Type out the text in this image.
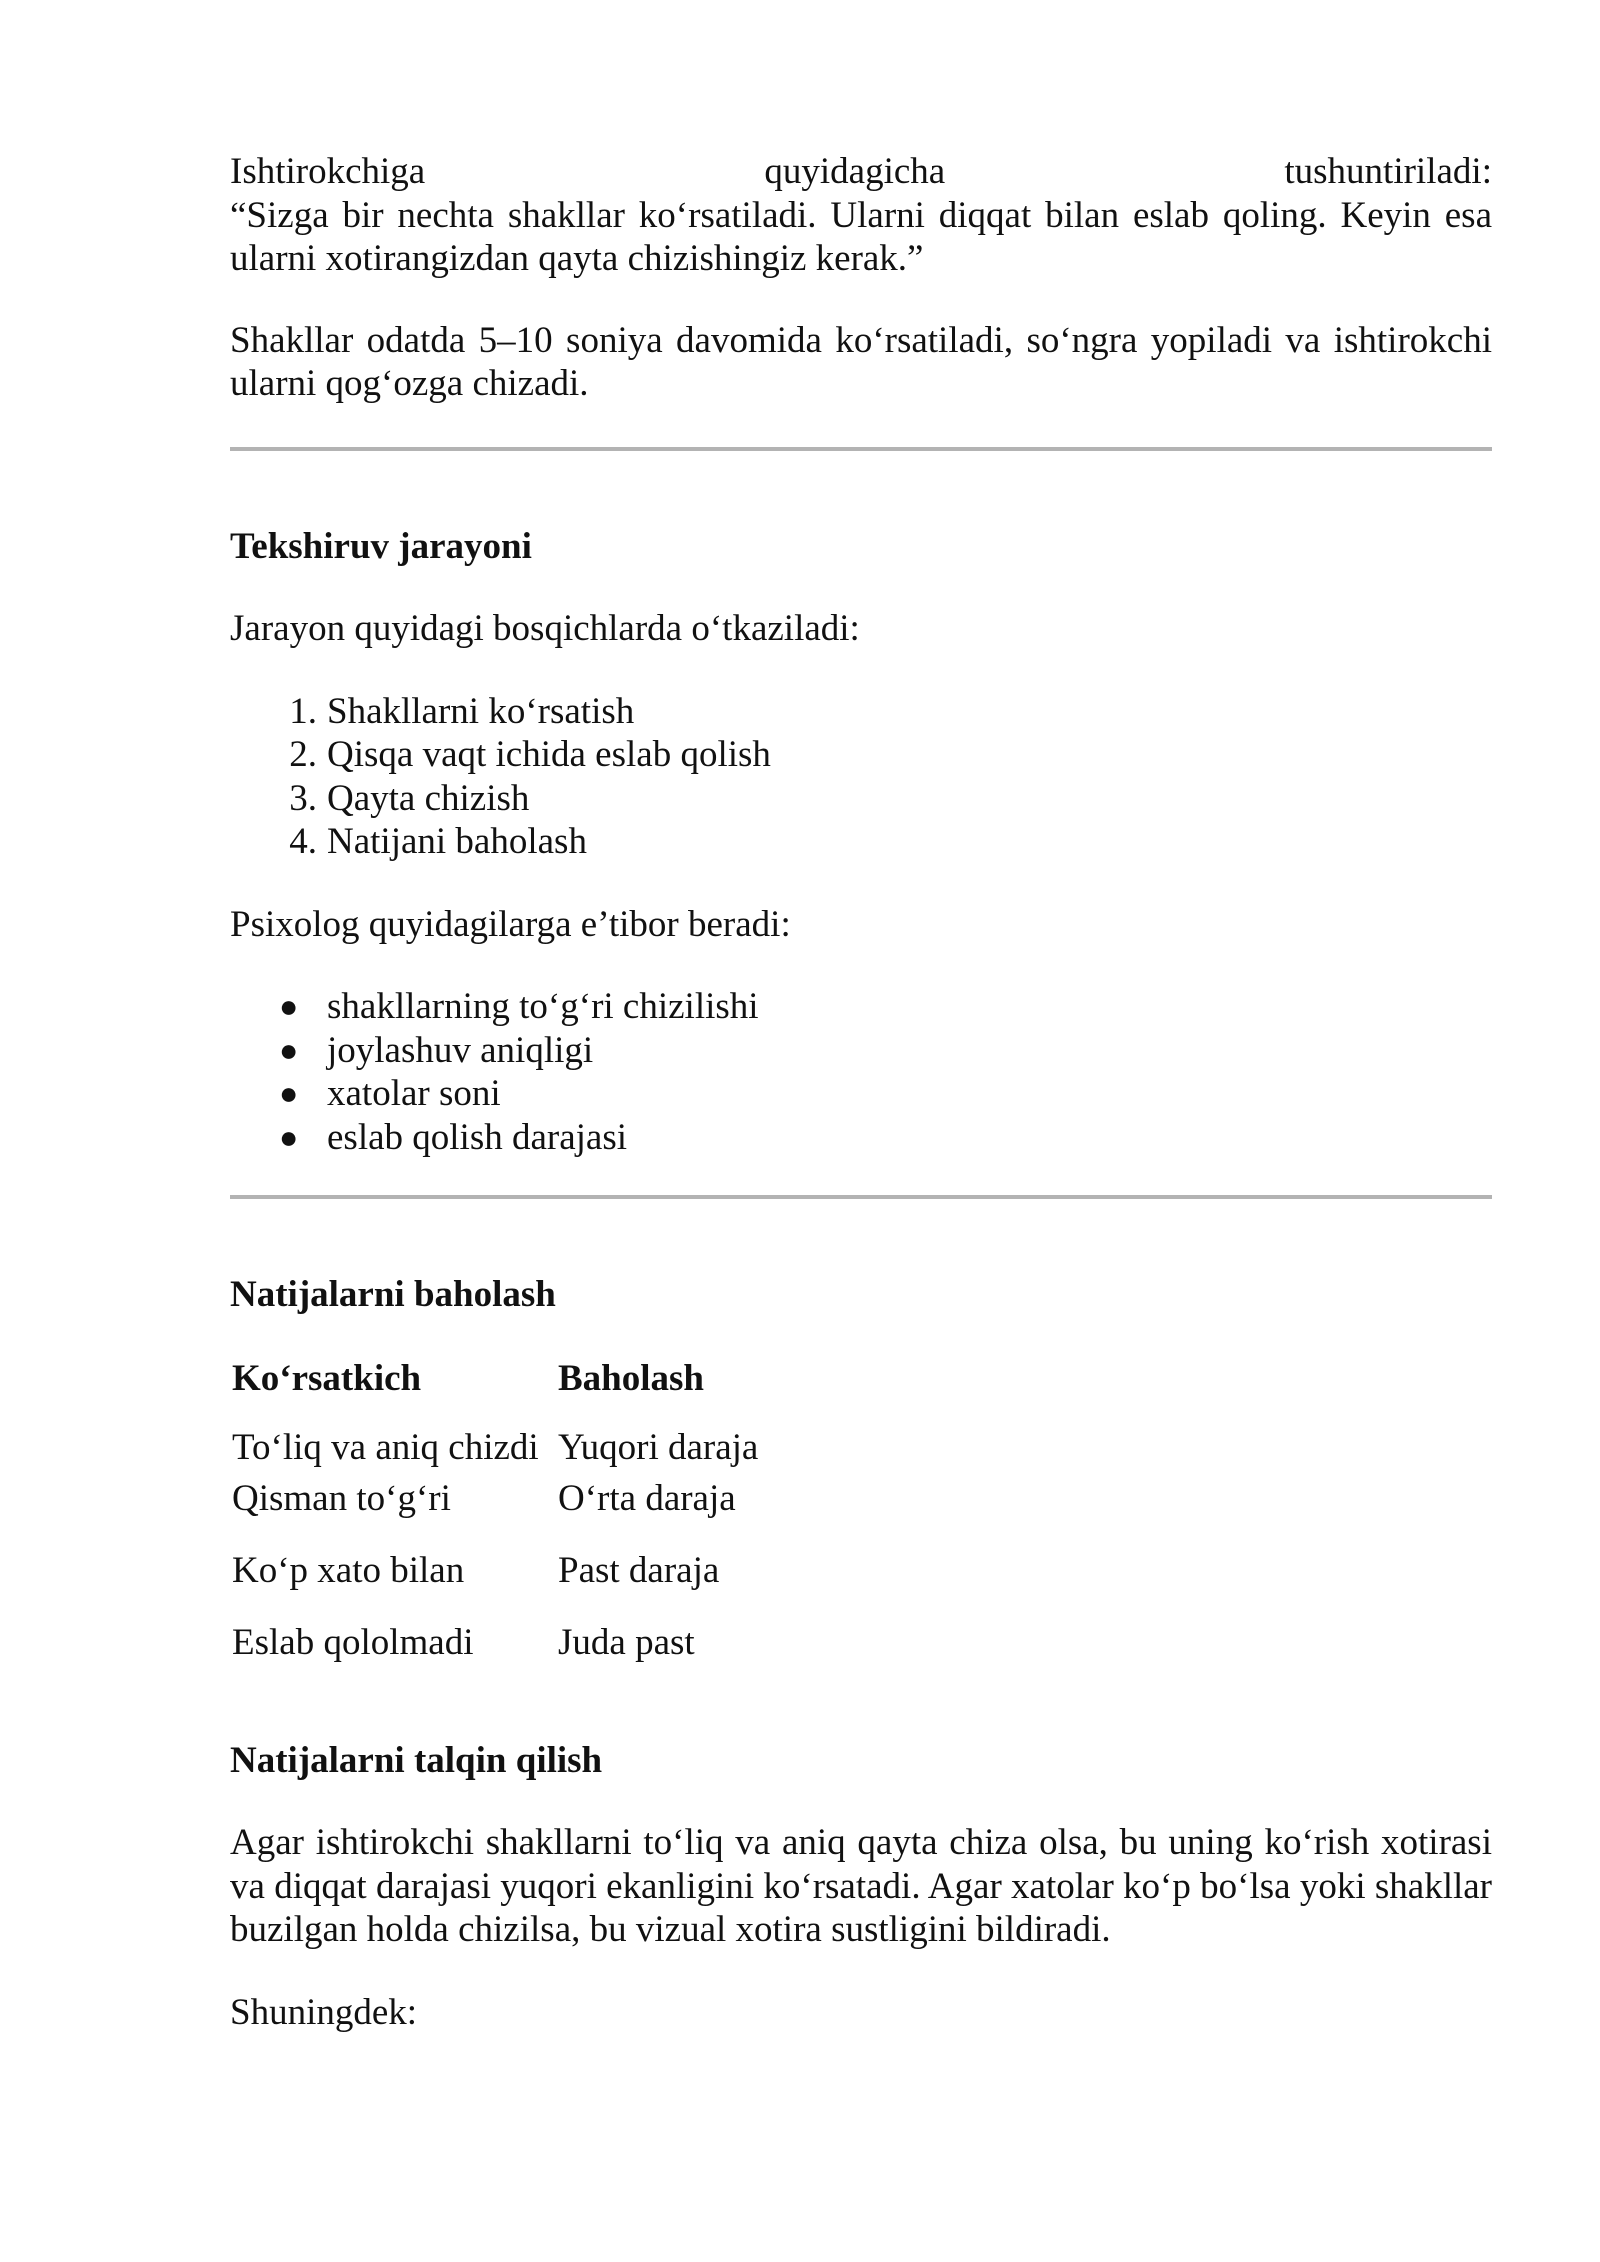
Ishtirokchiga	quyidagicha	tushuntiriladi:

“Sizga bir nechta shakllar ko‘rsatiladi. Ularni diqqat bilan eslab qoling. Keyin esa ularni xotirangizdan qayta chizishingiz kerak.”

Shakllar odatda 5–10 soniya davomida ko‘rsatiladi, so‘ngra yopiladi va ishtirokchi ularni qog‘ozga chizadi.

Tekshiruv jarayoni

Jarayon quyidagi bosqichlarda o‘tkaziladi:

1. Shakllarni ko‘rsatish
2. Qisqa vaqt ichida eslab qolish
3. Qayta chizish
4. Natijani baholash

Psixolog quyidagilarga e’tibor beradi:

● shakllarning to‘g‘ri chizilishi
● joylashuv aniqligi
● xatolar soni
● eslab qolish darajasi
Natijalarni baholash
Ko‘rsatkich	Baholash
To‘liq va aniq chizdi	Yuqori daraja
Qisman to‘g‘ri	O‘rta daraja
Ko‘p xato bilan	Past daraja
Eslab qololmadi	Juda past
Natijalarni talqin qilish

Agar ishtirokchi shakllarni to‘liq va aniq qayta chiza olsa, bu uning ko‘rish xotirasi va diqqat darajasi yuqori ekanligini ko‘rsatadi. Agar xatolar ko‘p bo‘lsa yoki shakllar buzilgan holda chizilsa, bu vizual xotira sustligini bildiradi.

Shuningdek:
